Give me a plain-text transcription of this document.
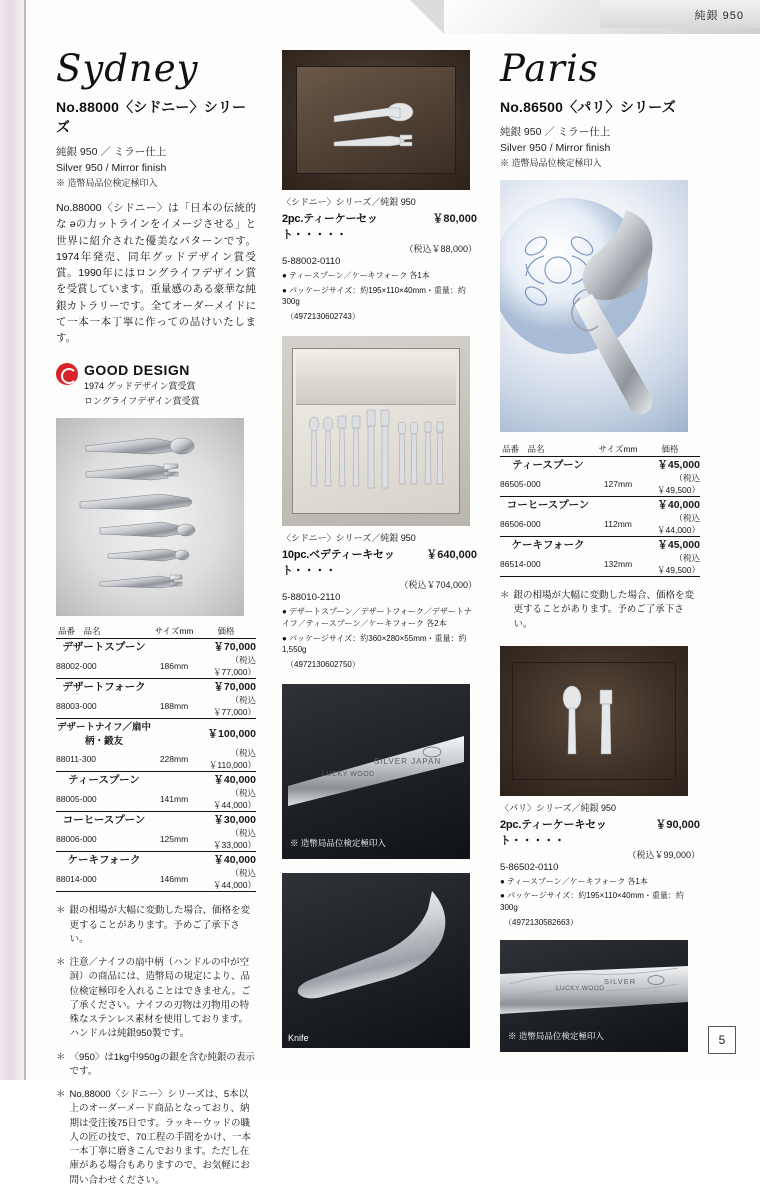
純銀 950
Sydney
No.88000〈シドニー〉シリーズ
純銀 950 ／ ミラー仕上
Silver 950 / Mirror finish
※ 造幣局品位検定極印入
No.88000〈シドニー〉は「日本の伝統的な әの力ットラインをイメージさせる」と世界に紹介された優美なパターンです。1974年発売、同年グッドデザイン賞受賞。1990年にはロングライフデザイン賞を受賞しています。重量感のある豪華な純銀カトラリーです。全てオーダーメイドにて一本一本丁寧に作っての品けいたします。
GOOD DESIGN
1974 グッドデザイン賞受賞
ロングライフデザイン賞受賞
品番　品名	サイズmm	価格
デザートスプーン		￥70,000
88002-000	186mm	（税込　￥77,000）
デザートフォーク		￥70,000
88003-000	188mm	（税込　￥77,000）
デザートナイフ／扇中柄・鍛友		￥100,000
88011-300	228mm	（税込￥110,000）
ティースプーン		￥40,000
88005-000	141mm	（税込　￥44,000）
コーヒースプーン		￥30,000
88006-000	125mm	（税込　￥33,000）
ケーキフォーク		￥40,000
88014-000	146mm	（税込　￥44,000）
＊ 銀の相場が大幅に変動した場合、価格を変更することがあります。予めご了承下さい。
＊ 注意／ナイフの扇中柄（ハンドルの中が空洞）の商品には、造幣局の規定により、品位検定極印を入れることはできません。ご了承ください。ナイフの刃物は刃物用の特殊なステンレス素材を使用しております。ハンドルは純銀950製です。
＊ 〈950〉は1kg中950gの銀を含む純銀の表示です。
＊ No.88000〈シドニー〉シリーズは、5本以上のオーダーメード商品となっており、納期は受注後75日です。ラッキーウッドの職人の匠の技で、70工程の手間をかけ、一本一本丁寧に磨きこんでおります。ただし在庫がある場合もありますので、お気軽にお問い合わせください。
〈シドニー〉シリーズ／純銀 950
2pc.ティーケーセット・・・・・
￥80,000
（税込￥88,000）
5-88002-0110
● ティースプーン／ケーキフォーク 各1本
● パッケージサイズ：約195×110×40mm・重量：約300g
　（4972130602743）
〈シドニー〉シリーズ／純銀 950
10pc.ベデティーキセット・・・・
￥640,000
（税込￥704,000）
5-88010-2110
● デザートスプーン／デザートフォーク／デザートナイフ／ティースプーン／ケーキフォーク 各2本
● パッケージサイズ：約360×280×55mm・重量：約1,550g
　（4972130602750）
LUCKY WOOD
SILVER JAPAN
※ 造幣局品位検定極印入
Knife
Paris
No.86500〈パリ〉シリーズ
純銀 950 ／ ミラー仕上
Silver 950 / Mirror finish
※ 造幣局品位検定極印入
品番　品名	サイズmm	価格
ティースプーン		￥45,000
86505-000	127mm	（税込￥49,500）
コーヒースプーン		￥40,000
86506-000	112mm	（税込￥44,000）
ケーキフォーク		￥45,000
86514-000	132mm	（税込￥49,500）
＊ 銀の相場が大幅に変動した場合、価格を変更することがあります。予めご了承下さい。
〈パリ〉シリーズ／純銀 950
2pc.ティーケーキセット・・・・・
￥90,000
（税込￥99,000）
5-86502-0110
● ティースプーン／ケーキフォーク 各1本
● パッケージサイズ：約195×110×40mm・重量：約300g
　（4972130582663）
LUCKY WOOD
SILVER
※ 造幣局品位検定極印入	5
